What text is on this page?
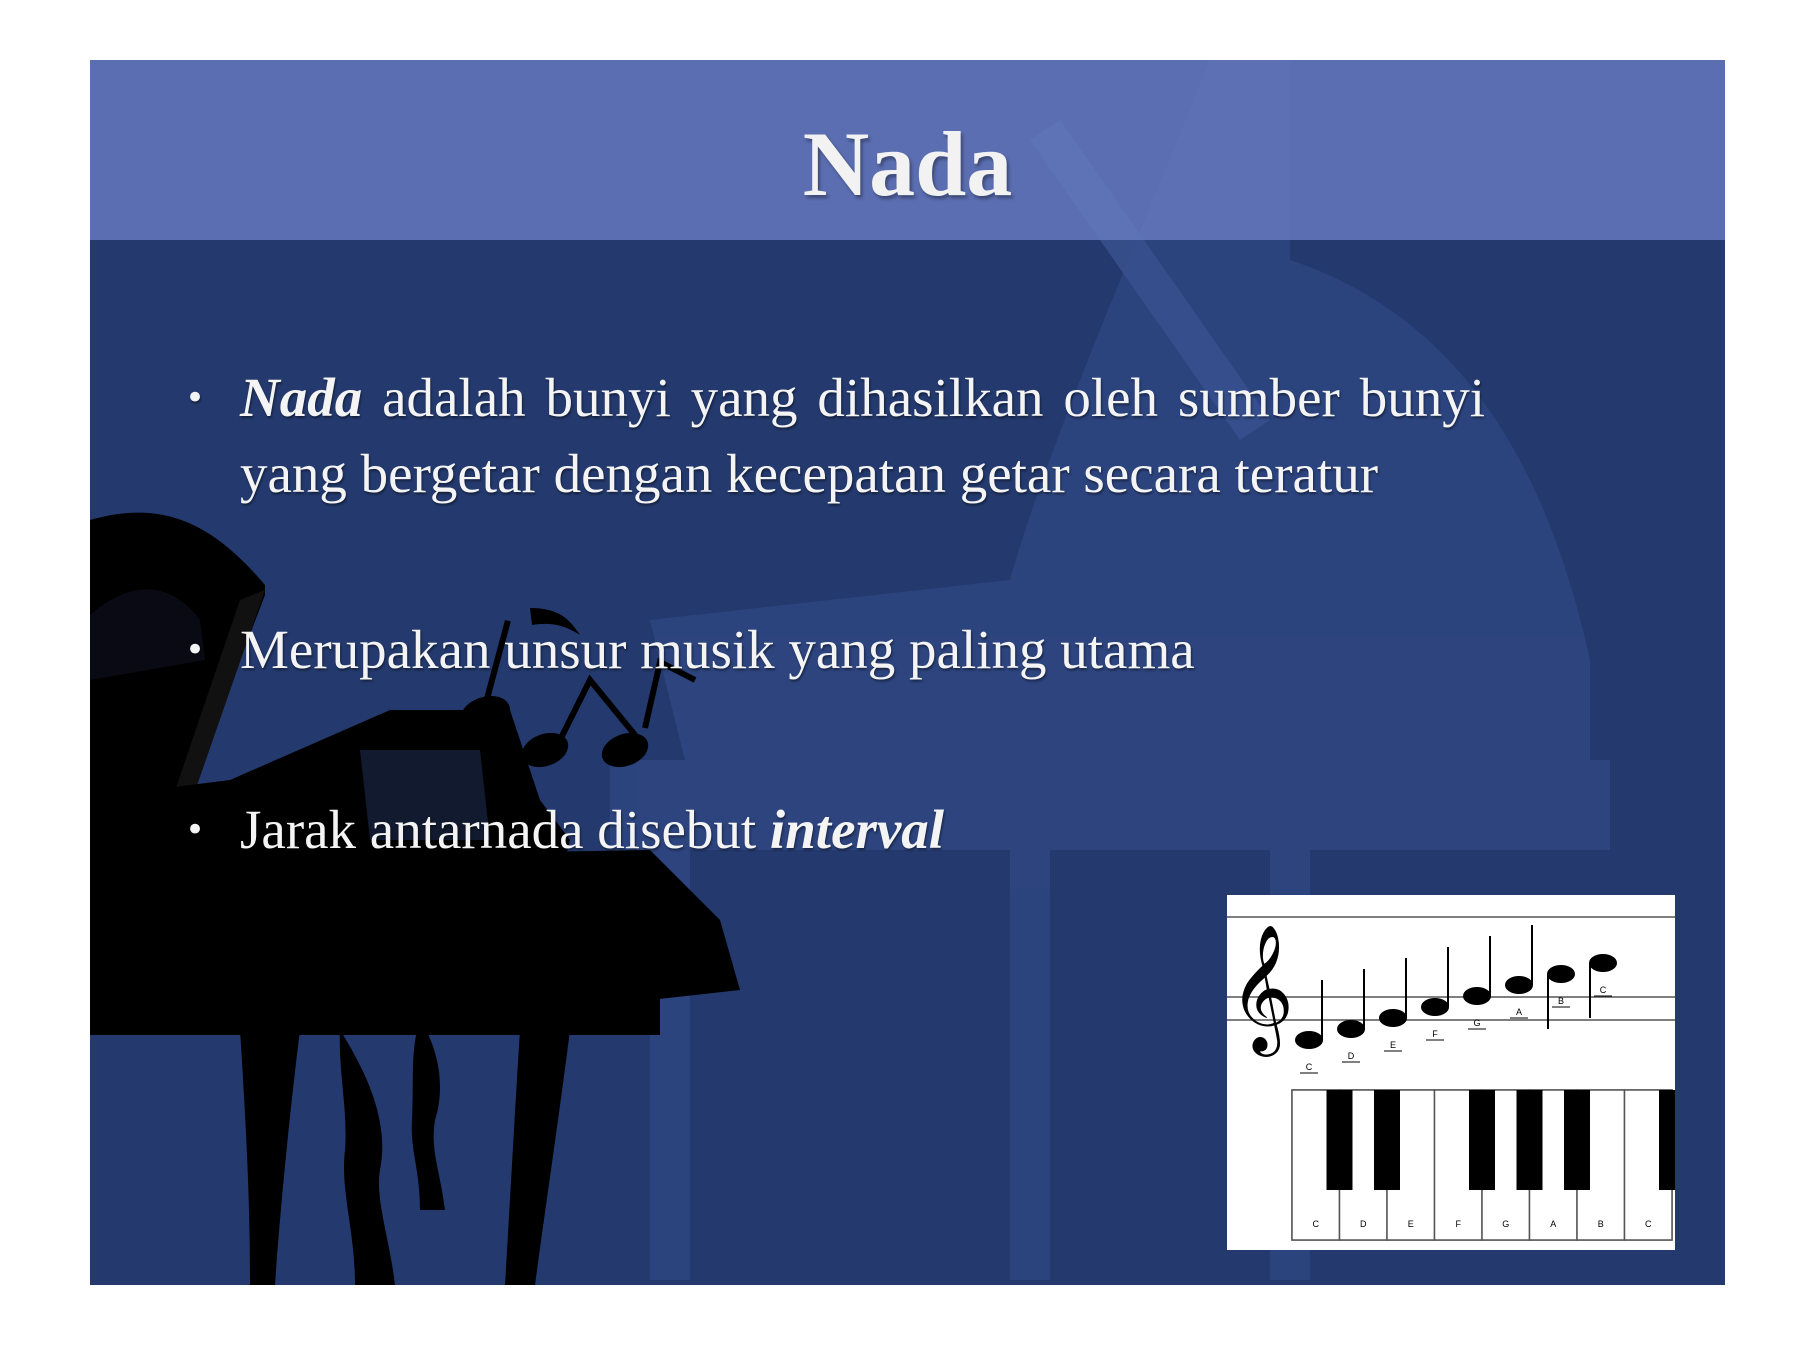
Nada
• Nada adalah bunyi yang dihasilkan oleh sumber bunyi yang bergetar dengan kecepatan getar secara teratur
• Merupakan unsur musik yang paling utama
• Jarak antarnada disebut interval
𝄞
C
D
E
F
G
A
B
C
C	D	E	F	G	A	B	C
